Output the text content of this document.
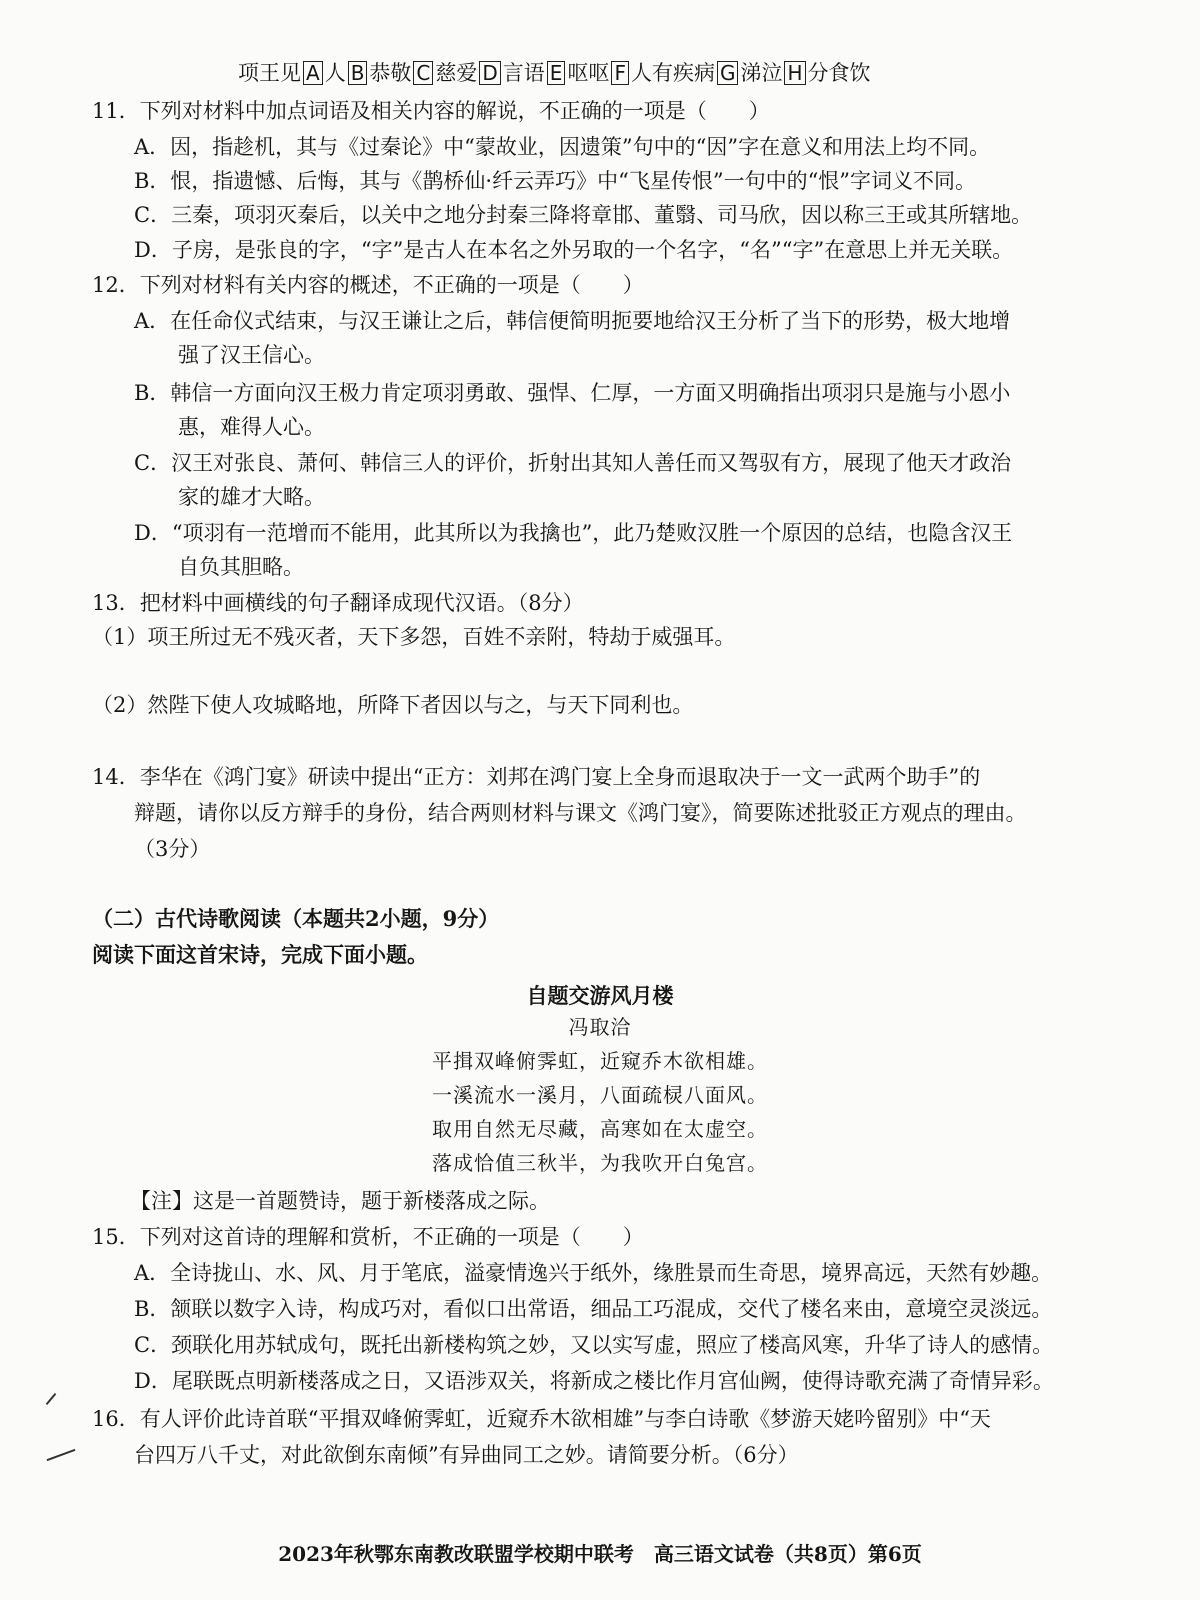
项王见 A 人 B 恭敬 C 慈爱 D 言语 E 呕呕 F 人有疾病 G 涕泣 H 分食饮
11．下列对材料中加点词语及相关内容的解说，不正确的一项是（　　）
A．因，指趁机，其与《过秦论》中“蒙故业，因遗策”句中的“因”字在意义和用法上均不同。
B．恨，指遗憾、后悔，其与《鹊桥仙·纤云弄巧》中“飞星传恨”一句中的“恨”字词义不同。
C．三秦，项羽灭秦后，以关中之地分封秦三降将章邯、董翳、司马欣，因以称三王或其所辖地。
D．子房，是张良的字，“字”是古人在本名之外另取的一个名字，“名”“字”在意思上并无关联。
12．下列对材料有关内容的概述，不正确的一项是（　　）
A．在任命仪式结束，与汉王谦让之后，韩信便简明扼要地给汉王分析了当下的形势，极大地增
强了汉王信心。
B．韩信一方面向汉王极力肯定项羽勇敢、强悍、仁厚，一方面又明确指出项羽只是施与小恩小
惠，难得人心。
C．汉王对张良、萧何、韩信三人的评价，折射出其知人善任而又驾驭有方，展现了他天才政治
家的雄才大略。
D．“项羽有一范增而不能用，此其所以为我擒也”，此乃楚败汉胜一个原因的总结，也隐含汉王
自负其胆略。
13．把材料中画横线的句子翻译成现代汉语。（8分）
（1）项王所过无不残灭者，天下多怨，百姓不亲附，特劫于威强耳。
（2）然陛下使人攻城略地，所降下者因以与之，与天下同利也。
14．李华在《鸿门宴》研读中提出“正方：刘邦在鸿门宴上全身而退取决于一文一武两个助手”的
辩题，请你以反方辩手的身份，结合两则材料与课文《鸿门宴》，简要陈述批驳正方观点的理由。
（3分）
（二）古代诗歌阅读（本题共2小题，9分）
阅读下面这首宋诗，完成下面小题。
自题交游风月楼
冯取洽
平揖双峰俯霁虹，近窥乔木欲相雄。
一溪流水一溪月，八面疏棂八面风。
取用自然无尽藏，高寒如在太虚空。
落成恰值三秋半，为我吹开白兔宫。
【注】这是一首题赞诗，题于新楼落成之际。
15．下列对这首诗的理解和赏析，不正确的一项是（　　）
A．全诗拢山、水、风、月于笔底，溢豪情逸兴于纸外，缘胜景而生奇思，境界高远，天然有妙趣。
B．颔联以数字入诗，构成巧对，看似口出常语，细品工巧混成，交代了楼名来由，意境空灵淡远。
C．颈联化用苏轼成句，既托出新楼构筑之妙，又以实写虚，照应了楼高风寒，升华了诗人的感情。
D．尾联既点明新楼落成之日，又语涉双关，将新成之楼比作月宫仙阙，使得诗歌充满了奇情异彩。
16．有人评价此诗首联“平揖双峰俯霁虹，近窥乔木欲相雄”与李白诗歌《梦游天姥吟留别》中“天
台四万八千丈，对此欲倒东南倾”有异曲同工之妙。请简要分析。（6分）
2023年秋鄂东南教改联盟学校期中联考　高三语文试卷（共8页）第6页
